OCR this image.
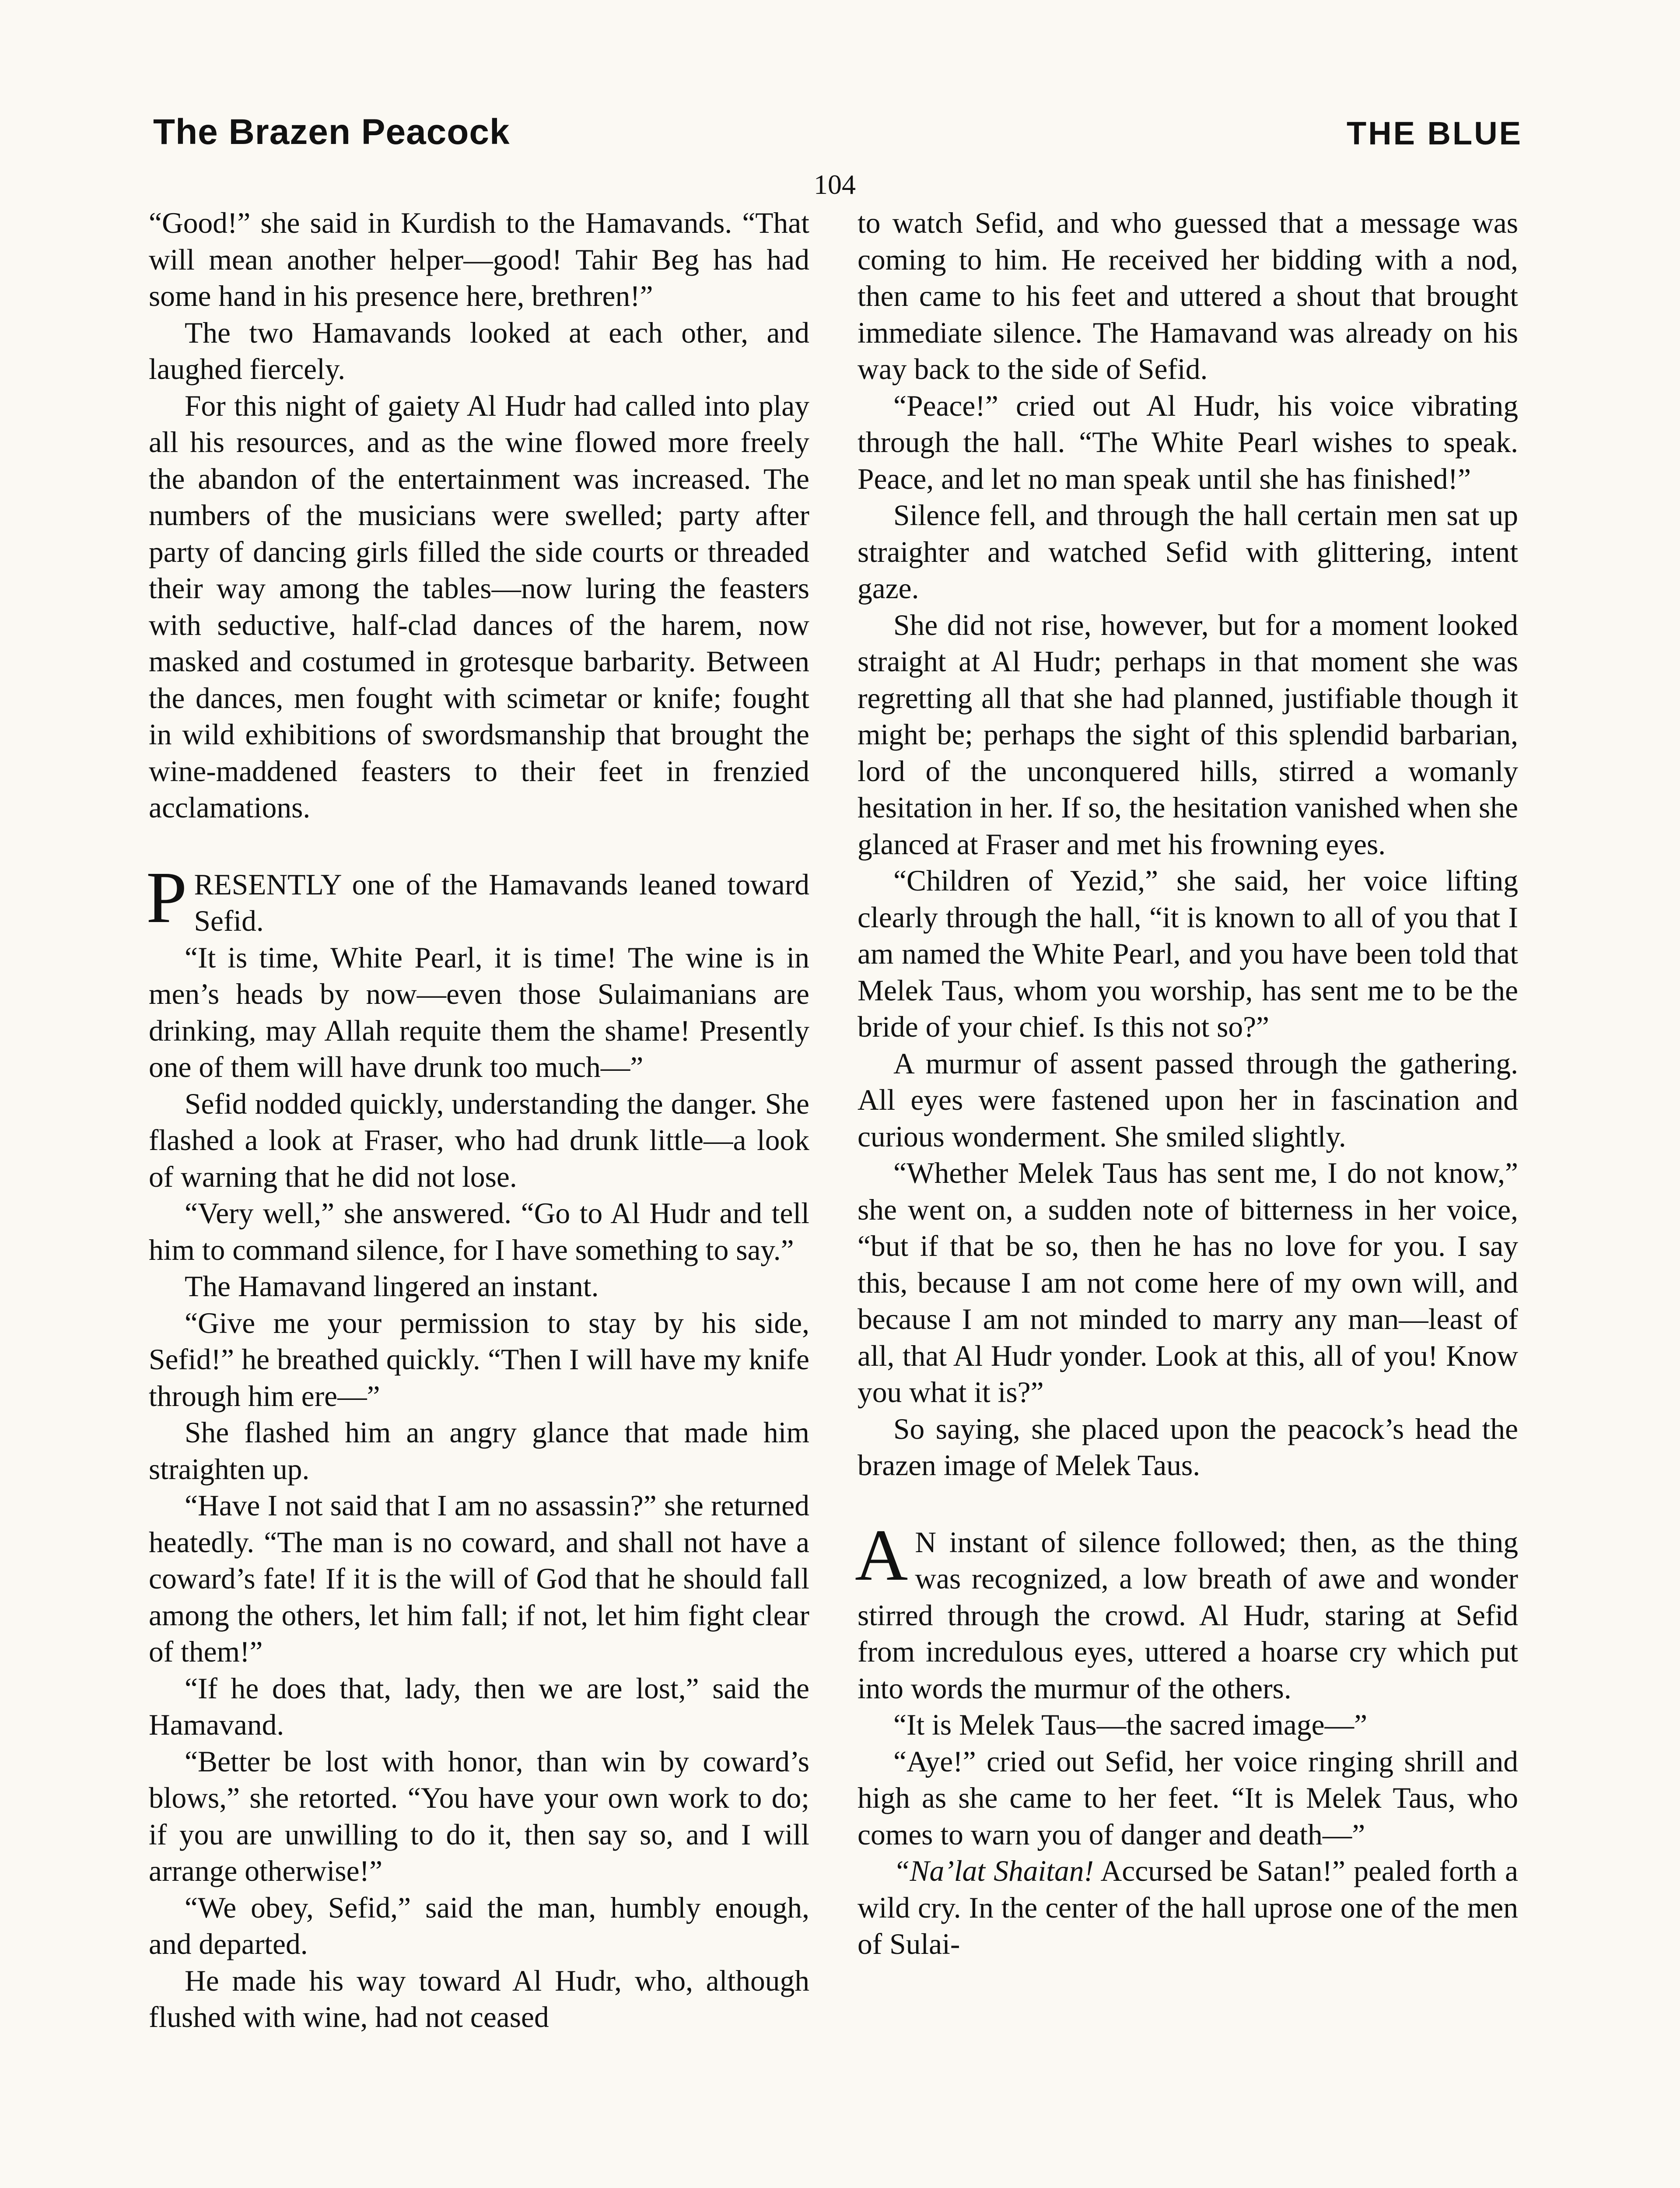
The Brazen Peacock	THE BLUE
104

“Good!” she said in Kurdish to the Hamavands. “That will mean another helper—good! Tahir Beg has had some hand in his presence here, brethren!”

The two Hamavands looked at each other, and laughed fiercely.

For this night of gaiety Al Hudr had called into play all his resources, and as the wine flowed more freely the abandon of the entertainment was increased. The numbers of the musicians were swelled; party after party of dancing girls filled the side courts or threaded their way among the tables—now luring the feasters with seductive, half-clad dances of the harem, now masked and costumed in grotesque barbarity. Between the dances, men fought with scimetar or knife; fought in wild exhibitions of swordsmanship that brought the wine-maddened feasters to their feet in frenzied acclamations.

PRESENTLY one of the Hamavands leaned toward Sefid.

“It is time, White Pearl, it is time! The wine is in men’s heads by now—even those Sulaimanians are drinking, may Allah requite them the shame! Presently one of them will have drunk too much—”

Sefid nodded quickly, understanding the danger. She flashed a look at Fraser, who had drunk little—a look of warning that he did not lose.

“Very well,” she answered. “Go to Al Hudr and tell him to command silence, for I have something to say.”

The Hamavand lingered an instant.

“Give me your permission to stay by his side, Sefid!” he breathed quickly. “Then I will have my knife through him ere—”

She flashed him an angry glance that made him straighten up.

“Have I not said that I am no assassin?” she returned heatedly. “The man is no coward, and shall not have a coward’s fate! If it is the will of God that he should fall among the others, let him fall; if not, let him fight clear of them!”

“If he does that, lady, then we are lost,” said the Hamavand.

“Better be lost with honor, than win by coward’s blows,” she retorted. “You have your own work to do; if you are unwilling to do it, then say so, and I will arrange otherwise!”

“We obey, Sefid,” said the man, humbly enough, and departed.

He made his way toward Al Hudr, who, although flushed with wine, had not ceased

to watch Sefid, and who guessed that a message was coming to him. He received her bidding with a nod, then came to his feet and uttered a shout that brought immediate silence. The Hamavand was already on his way back to the side of Sefid.

“Peace!” cried out Al Hudr, his voice vibrating through the hall. “The White Pearl wishes to speak. Peace, and let no man speak until she has finished!”

Silence fell, and through the hall certain men sat up straighter and watched Sefid with glittering, intent gaze.

She did not rise, however, but for a moment looked straight at Al Hudr; perhaps in that moment she was regretting all that she had planned, justifiable though it might be; perhaps the sight of this splendid barbarian, lord of the unconquered hills, stirred a womanly hesitation in her. If so, the hesitation vanished when she glanced at Fraser and met his frowning eyes.

“Children of Yezid,” she said, her voice lifting clearly through the hall, “it is known to all of you that I am named the White Pearl, and you have been told that Melek Taus, whom you worship, has sent me to be the bride of your chief. Is this not so?”

A murmur of assent passed through the gathering. All eyes were fastened upon her in fascination and curious wonderment. She smiled slightly.

“Whether Melek Taus has sent me, I do not know,” she went on, a sudden note of bitterness in her voice, “but if that be so, then he has no love for you. I say this, because I am not come here of my own will, and because I am not minded to marry any man—least of all, that Al Hudr yonder. Look at this, all of you! Know you what it is?”

So saying, she placed upon the peacock’s head the brazen image of Melek Taus.

A N instant of silence followed; then, as the thing was recognized, a low breath of awe and wonder stirred through the crowd. Al Hudr, staring at Sefid from incredulous eyes, uttered a hoarse cry which put into words the murmur of the others.

“It is Melek Taus—the sacred image—”

“Aye!” cried out Sefid, her voice ringing shrill and high as she came to her feet. “It is Melek Taus, who comes to warn you of danger and death—”

“Na’lat Shaitan! Accursed be Satan!” pealed forth a wild cry. In the center of the hall uprose one of the men of Sulai-
